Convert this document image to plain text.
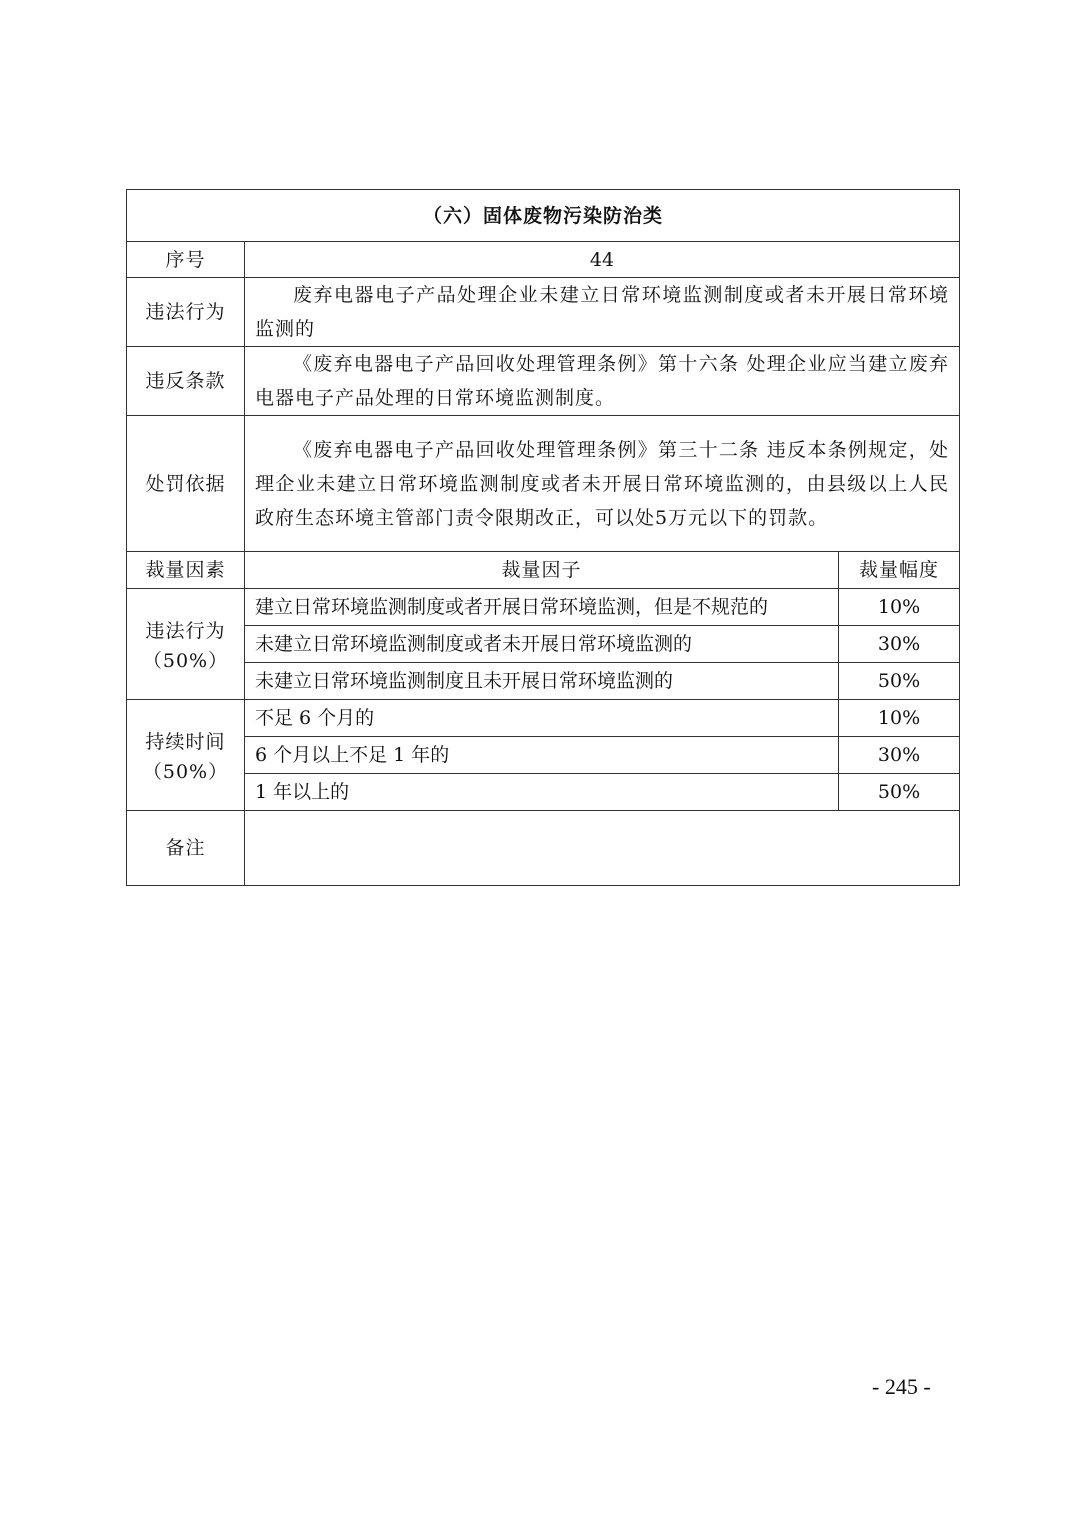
（六）固体废物污染防治类		
序号	44	
违法行为	废弃电器电子产品处理企业未建立日常环境监测制度或者未开展日常环境监测的	
违反条款	《废弃电器电子产品回收处理管理条例》第十六条 处理企业应当建立废弃电器电子产品处理的日常环境监测制度。	
处罚依据	《废弃电器电子产品回收处理管理条例》第三十二条 违反本条例规定，处理企业未建立日常环境监测制度或者未开展日常环境监测的，由县级以上人民政府生态环境主管部门责令限期改正，可以处5万元以下的罚款。	
裁量因素	裁量因子	裁量幅度

违法行为
（50%）	建立日常环境监测制度或者开展日常环境监测，但是不规范的	10%
	未建立日常环境监测制度或者未开展日常环境监测的	30%
	未建立日常环境监测制度且未开展日常环境监测的	50%

持续时间
（50%）	不足 6 个月的	10%
	6 个月以上不足 1 年的	30%
	1 年以上的	50%
备注		
- 245 -
